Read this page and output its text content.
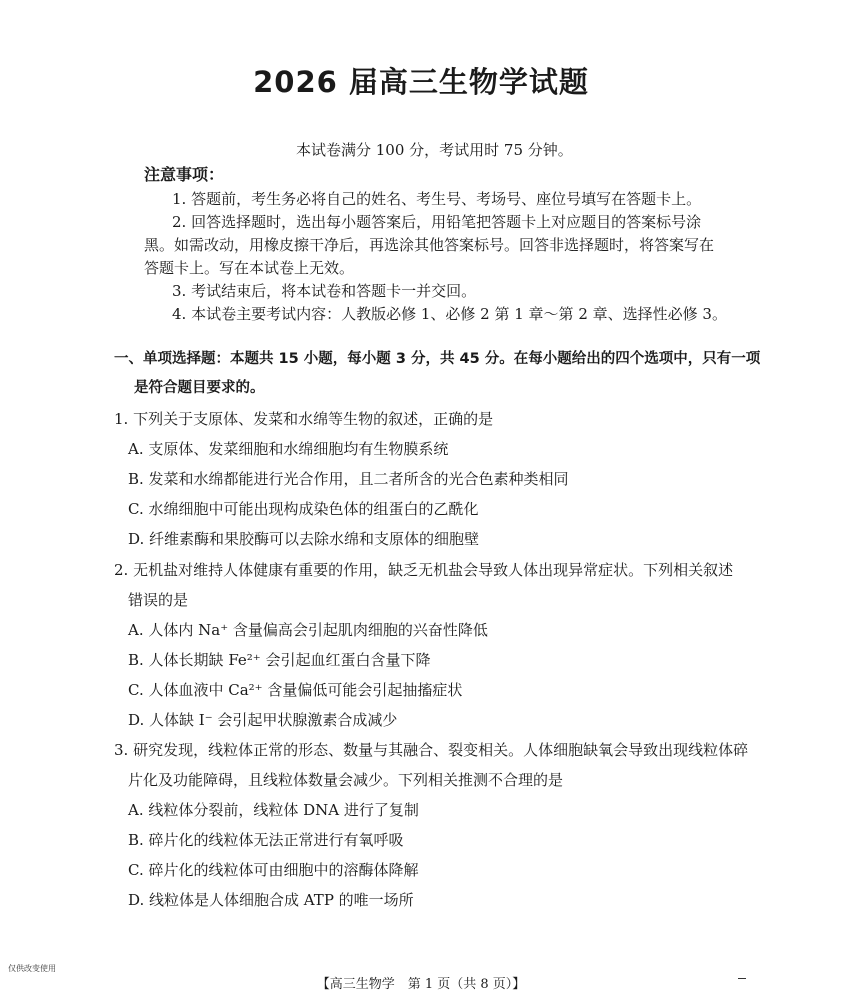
2026 届高三生物学试题
本试卷满分 100 分，考试用时 75 分钟。
注意事项：
1. 答题前，考生务必将自己的姓名、考生号、考场号、座位号填写在答题卡上。
2. 回答选择题时，选出每小题答案后，用铅笔把答题卡上对应题目的答案标号涂
黑。如需改动，用橡皮擦干净后，再选涂其他答案标号。回答非选择题时，将答案写在
答题卡上。写在本试卷上无效。
3. 考试结束后，将本试卷和答题卡一并交回。
4. 本试卷主要考试内容：人教版必修 1、必修 2 第 1 章～第 2 章、选择性必修 3。
一、单项选择题：本题共 15 小题，每小题 3 分，共 45 分。在每小题给出的四个选项中，只有一项
是符合题目要求的。
1. 下列关于支原体、发菜和水绵等生物的叙述，正确的是
A. 支原体、发菜细胞和水绵细胞均有生物膜系统
B. 发菜和水绵都能进行光合作用，且二者所含的光合色素种类相同
C. 水绵细胞中可能出现构成染色体的组蛋白的乙酰化
D. 纤维素酶和果胶酶可以去除水绵和支原体的细胞壁
2. 无机盐对维持人体健康有重要的作用，缺乏无机盐会导致人体出现异常症状。下列相关叙述
错误的是
A. 人体内 Na⁺ 含量偏高会引起肌肉细胞的兴奋性降低
B. 人体长期缺 Fe²⁺ 会引起血红蛋白含量下降
C. 人体血液中 Ca²⁺ 含量偏低可能会引起抽搐症状
D. 人体缺 I⁻ 会引起甲状腺激素合成减少
3. 研究发现，线粒体正常的形态、数量与其融合、裂变相关。人体细胞缺氧会导致出现线粒体碎
片化及功能障碍，且线粒体数量会减少。下列相关推测不合理的是
A. 线粒体分裂前，线粒体 DNA 进行了复制
B. 碎片化的线粒体无法正常进行有氧呼吸
C. 碎片化的线粒体可由细胞中的溶酶体降解
D. 线粒体是人体细胞合成 ATP 的唯一场所
仅供改变使用
【高三生物学　第 1 页（共 8 页）】
